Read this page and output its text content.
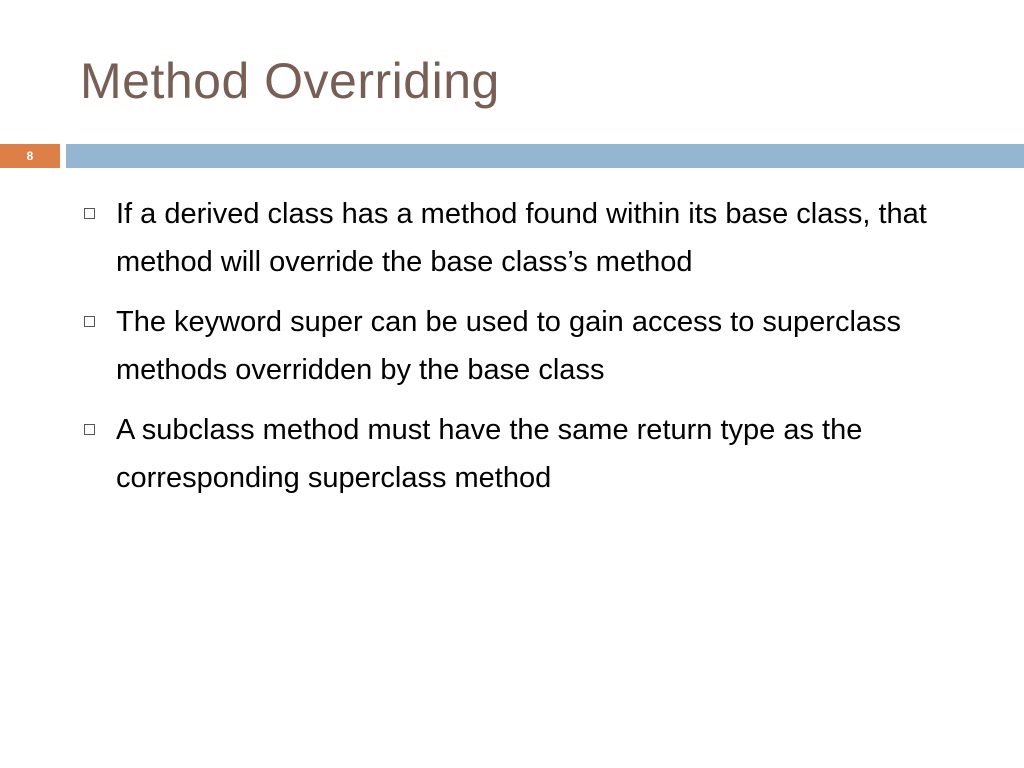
Method Overriding
8
If a derived class has a method found within its base class, that method will override the base class’s method
The keyword super can be used to gain access to superclass methods overridden by the base class
A subclass method must have the same return type as the corresponding superclass method
